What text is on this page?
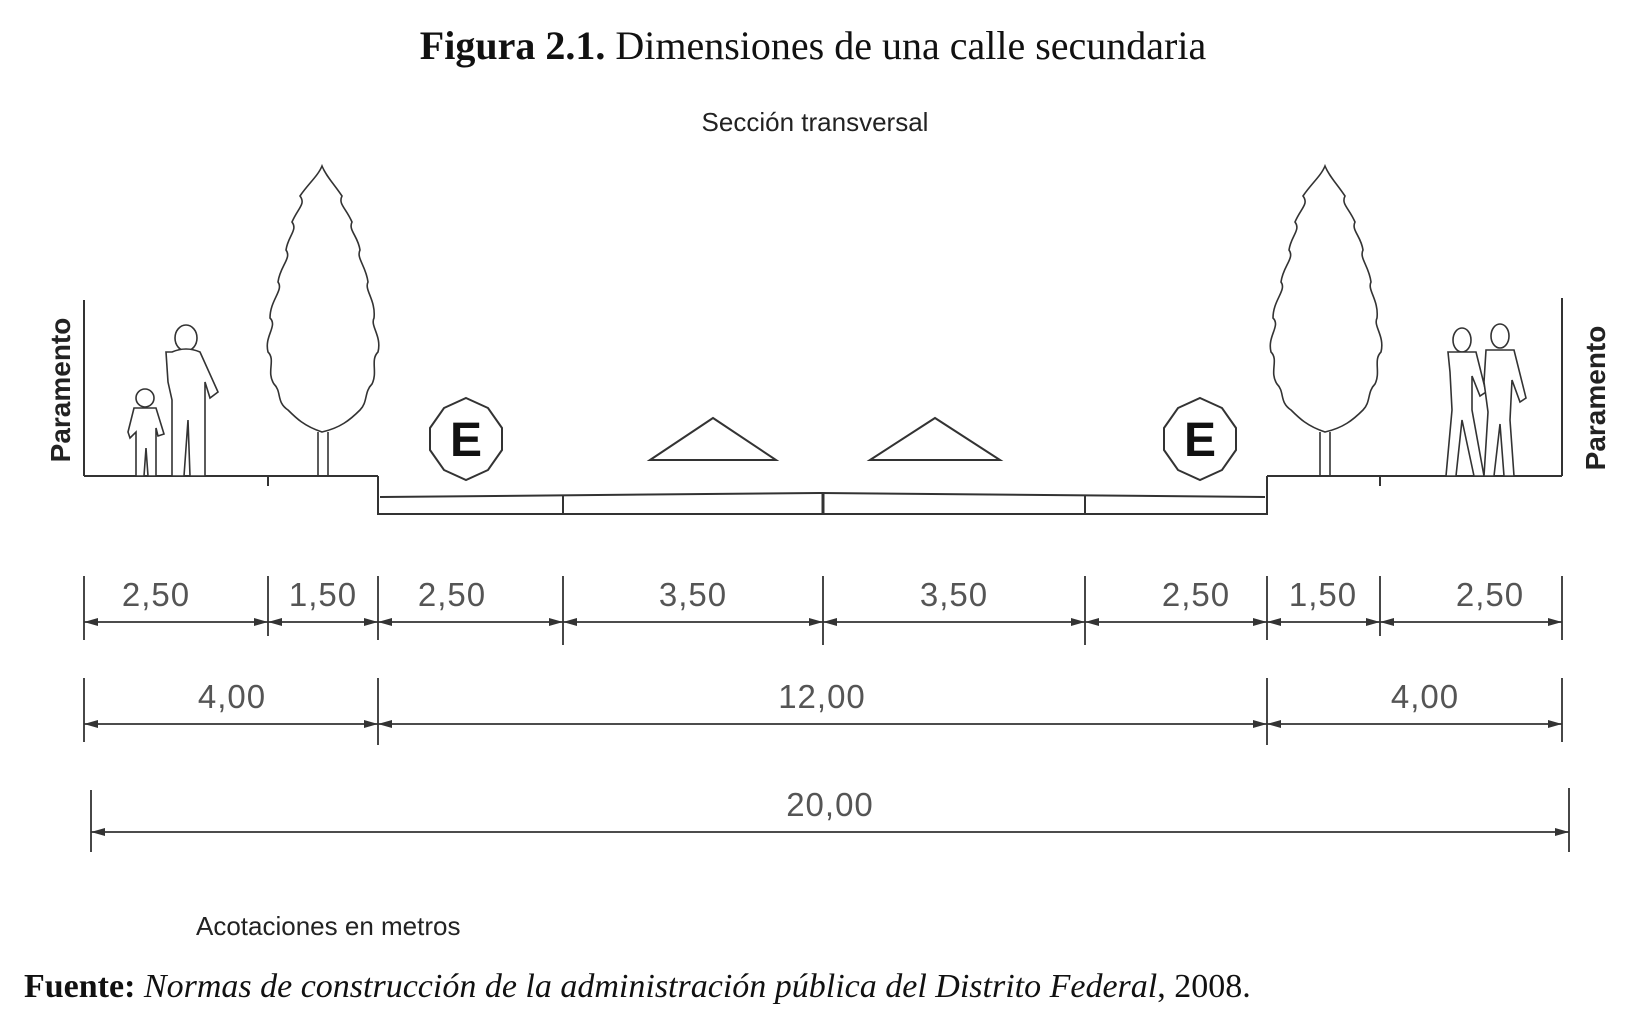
Figura 2.1. Dimensiones de una calle secundaria
Sección transversal
Paramento	Paramento
E	E
2,50	1,50 2,50	3,50	3,50	2,50 1,50	2,50
4,00	12,00	4,00
20,00
Acotaciones en metros
Fuente: Normas de construcción de la administración pública del Distrito Federal, 2008.
